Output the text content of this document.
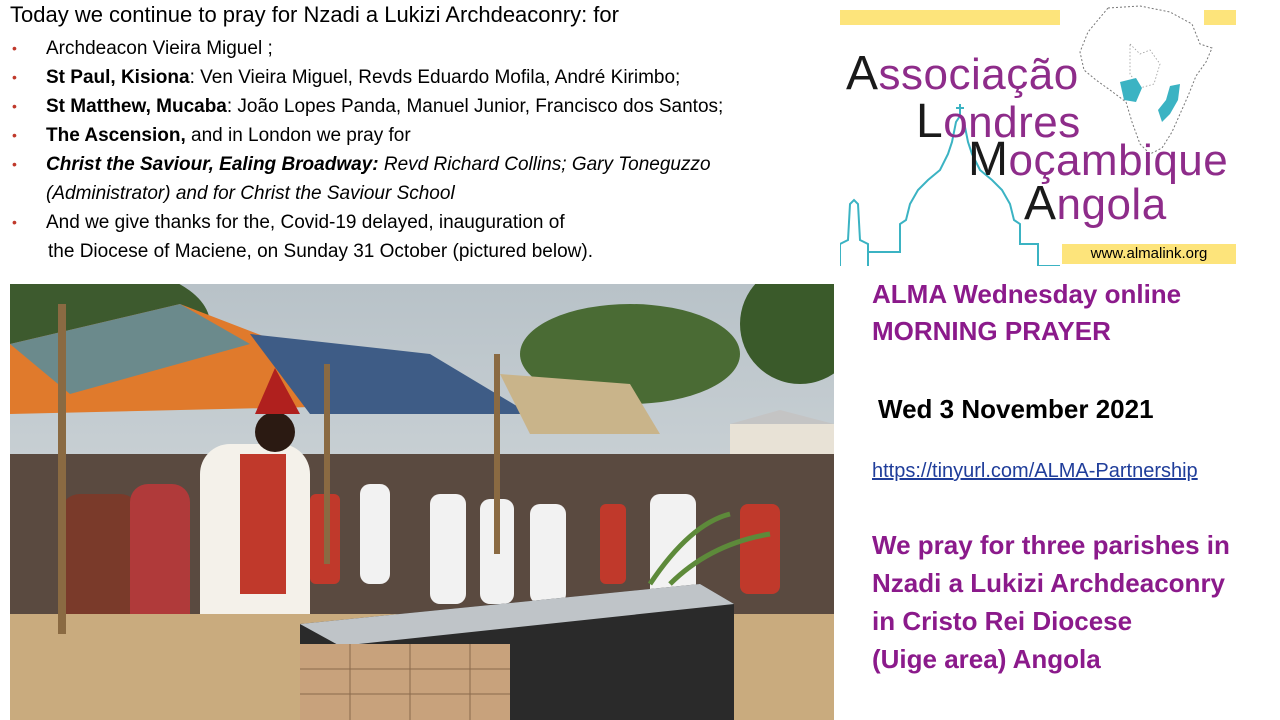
Today we continue to pray for Nzadi a Lukizi Archdeaconry: for
• Archdeacon Vieira Miguel ;
• St Paul, Kisiona: Ven Vieira Miguel, Revds Eduardo Mofila, André Kirimbo;
• St Matthew, Mucaba: João Lopes Panda, Manuel Junior, Francisco dos Santos;
• The Ascension, and in London we pray for
• Christ the Saviour, Ealing Broadway: Revd Richard Collins; Gary Toneguzzo
(Administrator) and for Christ the Saviour School
• And we give thanks for the, Covid-19 delayed, inauguration of
the Diocese of Maciene, on Sunday 31 October (pictured below).
Associação
Londres
Moçambique
Angola
www.almalink.org
ALMA Wednesday online
MORNING PRAYER
Wed 3 November 2021
https://tinyurl.com/ALMA-Partnership
We pray for three parishes in
Nzadi a Lukizi Archdeaconry
in Cristo Rei Diocese
(Uige area) Angola
